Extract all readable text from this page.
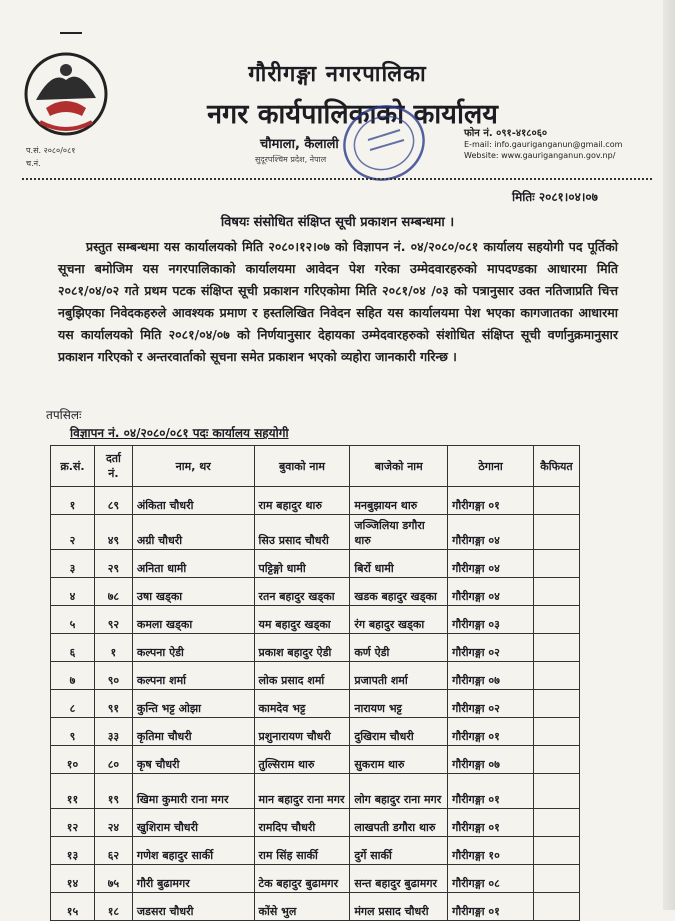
प.सं. २०८०/०८१
च.नं.
गौरीगङ्गा नगरपालिका
नगर कार्यपालिकाको कार्यालय
चौमाला, कैलाली
सुदूरपश्चिम प्रदेश, नेपाल
फोन नं. ०९१-४१८०६०
E-mail: info.gauriganganun@gmail.com
Website: www.gauriganganun.gov.np/
मितिः २०८१।०४।०७
विषयः संसोधित संक्षिप्त सूची प्रकाशन सम्बन्धमा ।
प्रस्तुत सम्बन्धमा यस कार्यालयको मिति २०८०।१२।०७ को विज्ञापन नं. ०४/२०८०/०८१ कार्यालय सहयोगी पद पूर्तिको सूचना बमोजिम यस नगरपालिकाको कार्यालयमा आवेदन पेश गरेका उम्मेदवारहरुको मापदण्डका आधारमा मिति २०८१/०४/०२ गते प्रथम पटक संक्षिप्त सूची प्रकाशन गरिएकोमा मिति २०८१/०४ /०३ को पत्रानुसार उक्त नतिजाप्रति चित्त नबुझिएका निवेदकहरुले आवश्यक प्रमाण र हस्तलिखित निवेदन सहित यस कार्यालयमा पेश भएका कागजातका आधारमा यस कार्यालयको मिति २०८१/०४/०७ को निर्णयानुसार देहायका उम्मेदवारहरुको संशोधित संक्षिप्त सूची वर्णानुक्रमानुसार प्रकाशन गरिएको र अन्तरवार्ताको सूचना समेत प्रकाशन भएको व्यहोरा जानकारी गरिन्छ ।
तपसिलः
विज्ञापन नं. ०४/२०८०/०८१ पदः कार्यालय सहयोगी
क्र.सं.	दर्ता नं.	नाम, थर	बुवाको नाम	बाजेको नाम	ठेगाना	कैफियत
१	८९	अंकिता चौधरी	राम बहादुर थारु	मनबुझायन थारु	गौरीगङ्गा ०१	
२	४९	अग्री चौधरी	सिउ प्रसाद चौधरी	जञ्जिलिया डगौरा थारु	गौरीगङ्गा ०४	
३	२९	अनिता धामी	पट्टिङ्गो धामी	बिर्रो धामी	गौरीगङ्गा ०४	
४	७८	उषा खड्का	रतन बहादुर खड्का	खडक बहादुर खड्का	गौरीगङ्गा ०४	
५	९२	कमला खड्का	यम बहादुर खड्का	रंग बहादुर खड्का	गौरीगङ्गा ०३	
६	१	कल्पना ऐडी	प्रकाश बहादुर ऐडी	कर्ण ऐडी	गौरीगङ्गा ०२	
७	९०	कल्पना शर्मा	लोक प्रसाद शर्मा	प्रजापती शर्मा	गौरीगङ्गा ०७	
८	९१	कुन्ति भट्ट ओझा	कामदेव भट्ट	नारायण भट्ट	गौरीगङ्गा ०२	
९	३३	कृतिमा चौधरी	प्रशुनारायण चौधरी	दुखिराम चौधरी	गौरीगङ्गा ०१	
१०	८०	कृष चौधरी	तुल्सिराम थारु	सुकराम थारु	गौरीगङ्गा ०७	
११	१९	खिमा कुमारी राना मगर	मान बहादुर राना मगर	लोग बहादुर राना मगर	गौरीगङ्गा ०१	
१२	२४	खुशिराम चौधरी	रामदिप चौधरी	लाखपती डगौरा थारु	गौरीगङ्गा ०१	
१३	६२	गणेश बहादुर सार्की	राम सिंह सार्की	दुर्गे सार्की	गौरीगङ्गा १०	
१४	७५	गौरी बुढामगर	टेक बहादुर बुढामगर	सन्त बहादुर बुढामगर	गौरीगङ्गा ०८	
१५	१८	जडसरा चौधरी	कोंसे भुल	मंगल प्रसाद चौधरी	गौरीगङ्गा ०१	
